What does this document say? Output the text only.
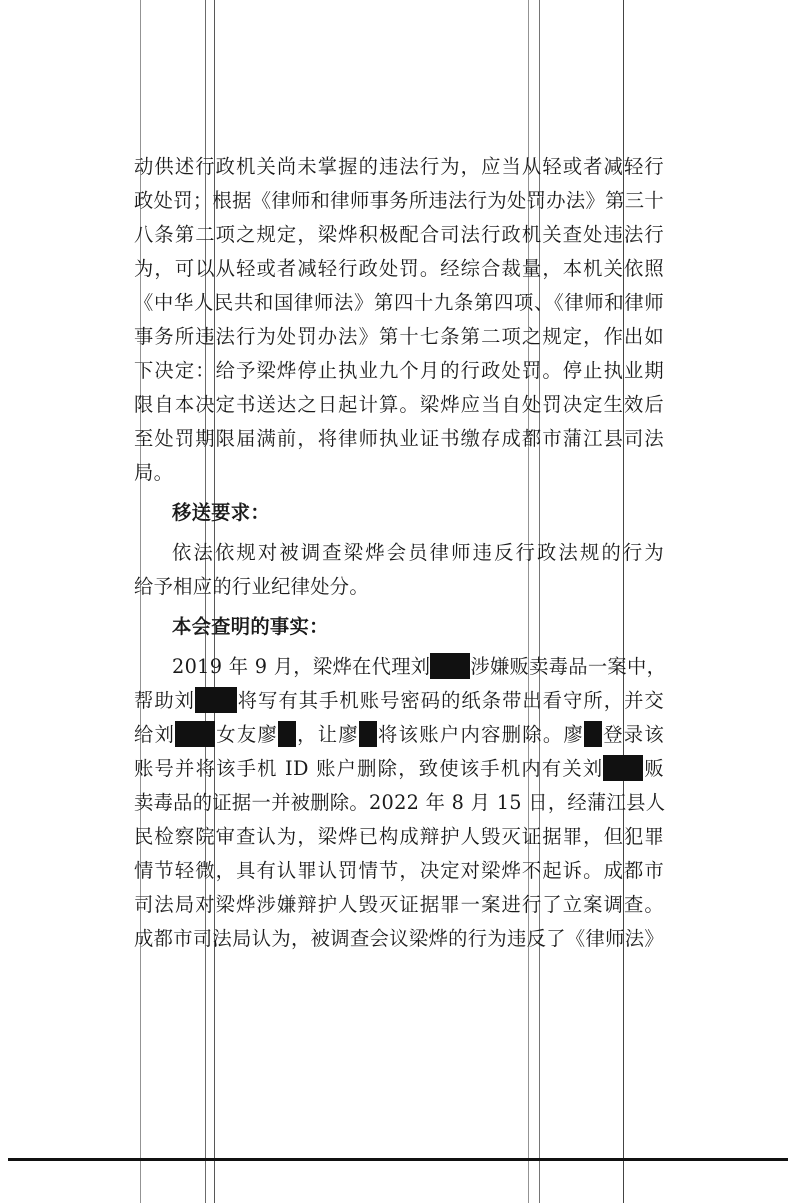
动供述行政机关尚未掌握的违法行为，应当从轻或者减轻行
政处罚；根据《律师和律师事务所违法行为处罚办法》第三十
八条第二项之规定，梁烨积极配合司法行政机关查处违法行
为，可以从轻或者减轻行政处罚。经综合裁量，本机关依照
《中华人民共和国律师法》第四十九条第四项、《律师和律师
事务所违法行为处罚办法》第十七条第二项之规定，作出如
下决定：给予梁烨停止执业九个月的行政处罚。停止执业期
限自本决定书送达之日起计算。梁烨应当自处罚决定生效后
至处罚期限届满前，将律师执业证书缴存成都市蒲江县司法
局。
移送要求：
依法依规对被调查梁烨会员律师违反行政法规的行为
给予相应的行业纪律处分。
本会查明的事实：
2019 年 9 月，梁烨在代理刘 涉嫌贩卖毒品一案中，
帮助刘 将写有其手机账号密码的纸条带出看守所，并交
给刘 女友廖 ，让廖 将该账户内容删除。廖 登录该
账号并将该手机 ID 账户删除，致使该手机内有关刘 贩
卖毒品的证据一并被删除。2022 年 8 月 15 日，经蒲江县人
民检察院审查认为，梁烨已构成辩护人毁灭证据罪，但犯罪
情节轻微，具有认罪认罚情节，决定对梁烨不起诉。成都市
司法局对梁烨涉嫌辩护人毁灭证据罪一案进行了立案调查。
成都市司法局认为，被调查会议梁烨的行为违反了《律师法》
